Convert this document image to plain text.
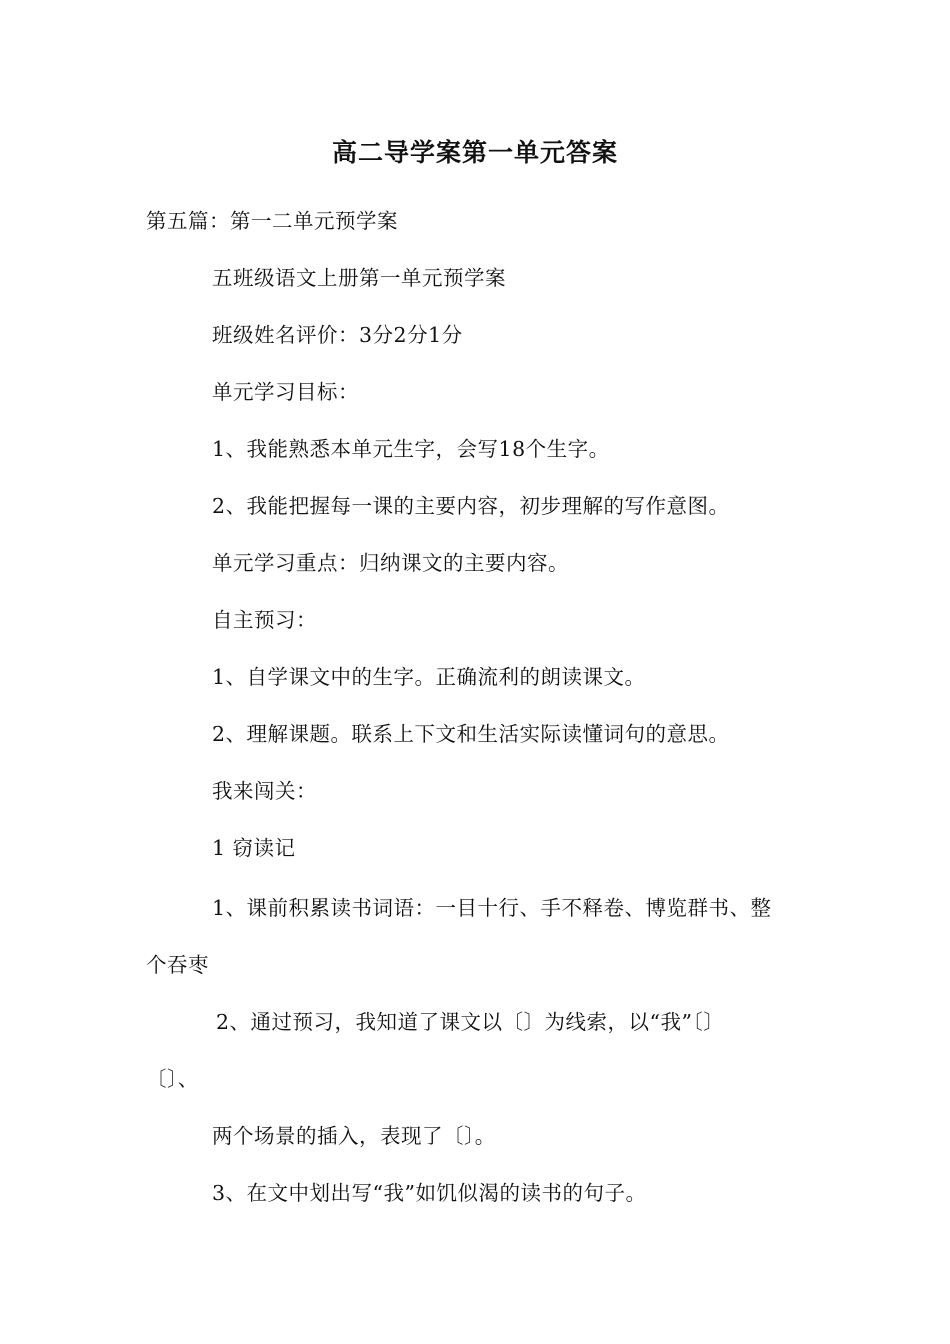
高二导学案第一单元答案
第五篇：第一二单元预学案
五班级语文上册第一单元预学案
班级姓名评价：3分2分1分
单元学习目标：
1、我能熟悉本单元生字，会写18个生字。
2、我能把握每一课的主要内容，初步理解的写作意图。
单元学习重点：归纳课文的主要内容。
自主预习：
1、自学课文中的生字。正确流利的朗读课文。
2、理解课题。联系上下文和生活实际读懂词句的意思。
我来闯关：
1 窃读记
1、课前积累读书词语：一目十行、手不释卷、博览群书、整
个吞枣
2、通过预习，我知道了课文以〔〕为线索，以“我”〔〕
〔〕、
两个场景的插入，表现了〔〕。
3、在文中划出写“我”如饥似渴的读书的句子。
